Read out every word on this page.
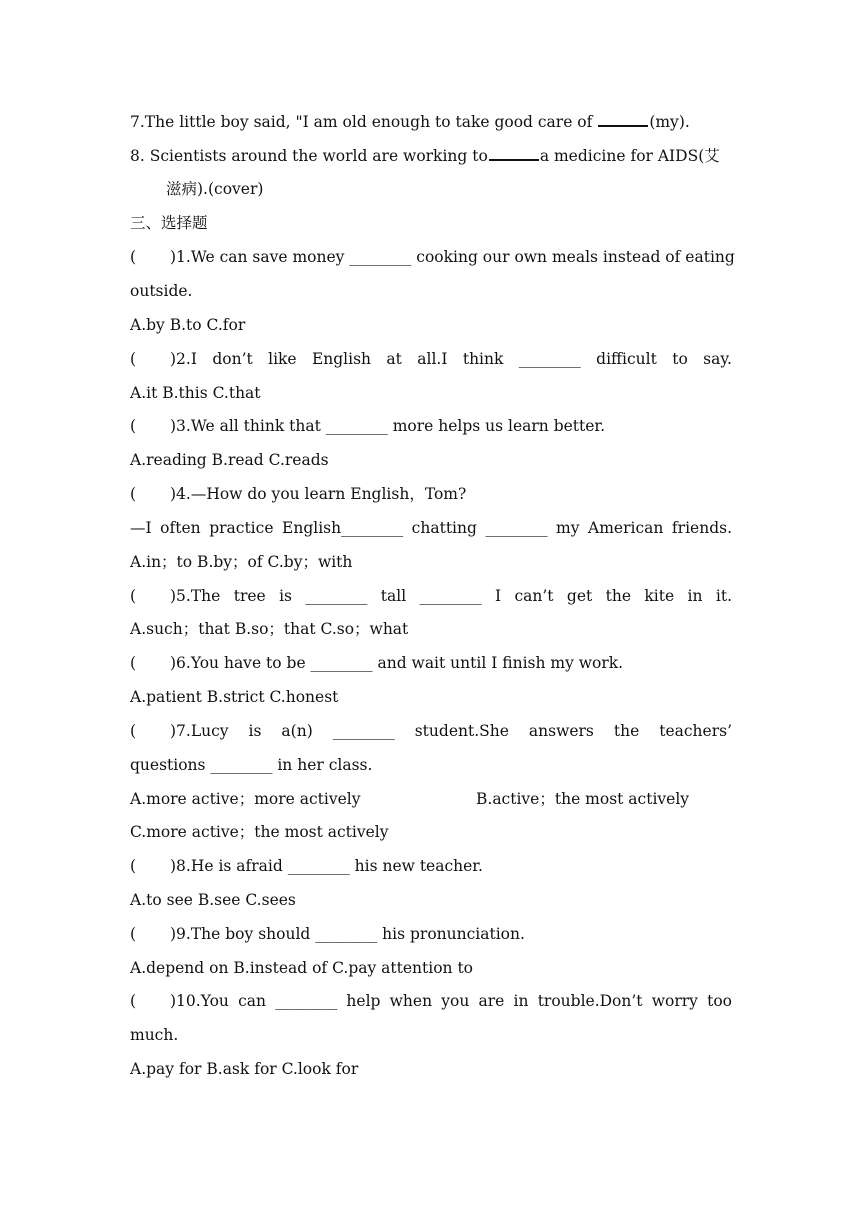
7.The little boy said, "I am old enough to take good care of	(my).
8. Scientists around the world are working to	a medicine for AIDS(艾
滋病).(cover)
三、选择题
( )1.We can save money ________ cooking our own meals instead of eating
outside.
A.by B.to C.for
( )2.I don’t like English at all.I think ________ difficult to say.
A.it B.this C.that
( )3.We all think that ________ more helps us learn better.
A.reading B.read C.reads
( )4.—How do you learn English，Tom?
—I often practice English________ chatting ________ my American friends.
A.in；to B.by；of C.by；with
( )5.The tree is ________ tall ________ I can’t get the kite in it.
A.such；that B.so；that C.so；what
( )6.You have to be ________ and wait until I finish my work.
A.patient B.strict C.honest
( )7.Lucy is a(n) ________ student.She answers the teachers’
questions ________ in her class.
A.more active；more actively	B.active；the most actively
C.more active；the most actively
( )8.He is afraid ________ his new teacher.
A.to see B.see C.sees
( )9.The boy should ________ his pronunciation.
A.depend on B.instead of C.pay attention to
( )10.You can ________ help when you are in trouble.Don’t worry too
much.
A.pay for B.ask for C.look for
